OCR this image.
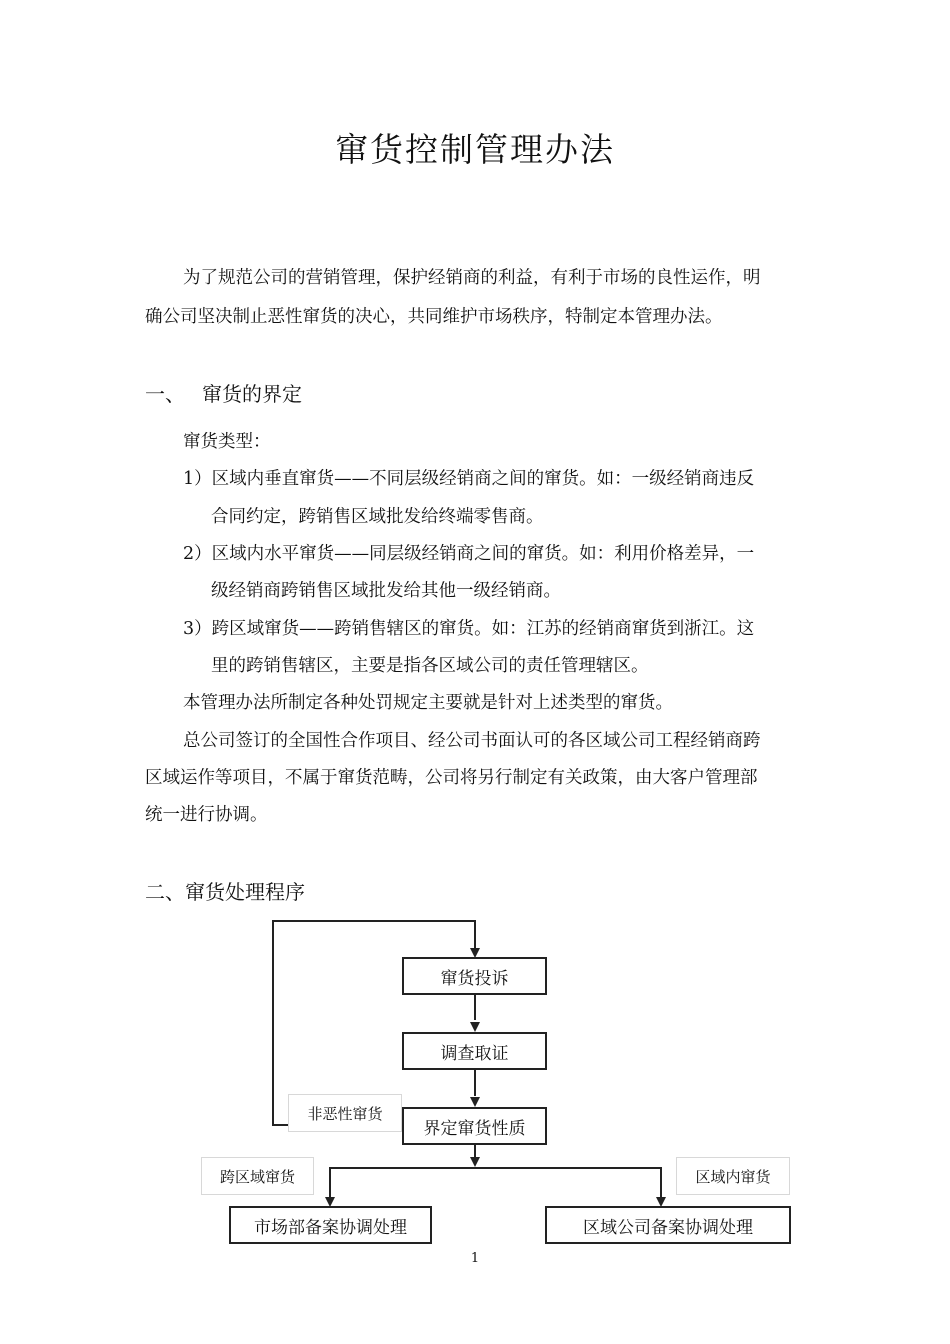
窜货控制管理办法
为了规范公司的营销管理，保护经销商的利益，有利于市场的良性运作，明
确公司坚决制止恶性窜货的决心，共同维护市场秩序，特制定本管理办法。
一、 窜货的界定
窜货类型：
1）区域内垂直窜货——不同层级经销商之间的窜货。如：一级经销商违反
合同约定，跨销售区域批发给终端零售商。
2）区域内水平窜货——同层级经销商之间的窜货。如：利用价格差异，一
级经销商跨销售区域批发给其他一级经销商。
3）跨区域窜货——跨销售辖区的窜货。如：江苏的经销商窜货到浙江。这
里的跨销售辖区，主要是指各区域公司的责任管理辖区。
本管理办法所制定各种处罚规定主要就是针对上述类型的窜货。
总公司签订的全国性合作项目、经公司书面认可的各区域公司工程经销商跨
区域运作等项目，不属于窜货范畴，公司将另行制定有关政策，由大客户管理部
统一进行协调。
二、窜货处理程序
窜货投诉
调查取证
界定窜货性质
非恶性窜货
跨区域窜货	区域内窜货
市场部备案协调处理	区域公司备案协调处理
1
